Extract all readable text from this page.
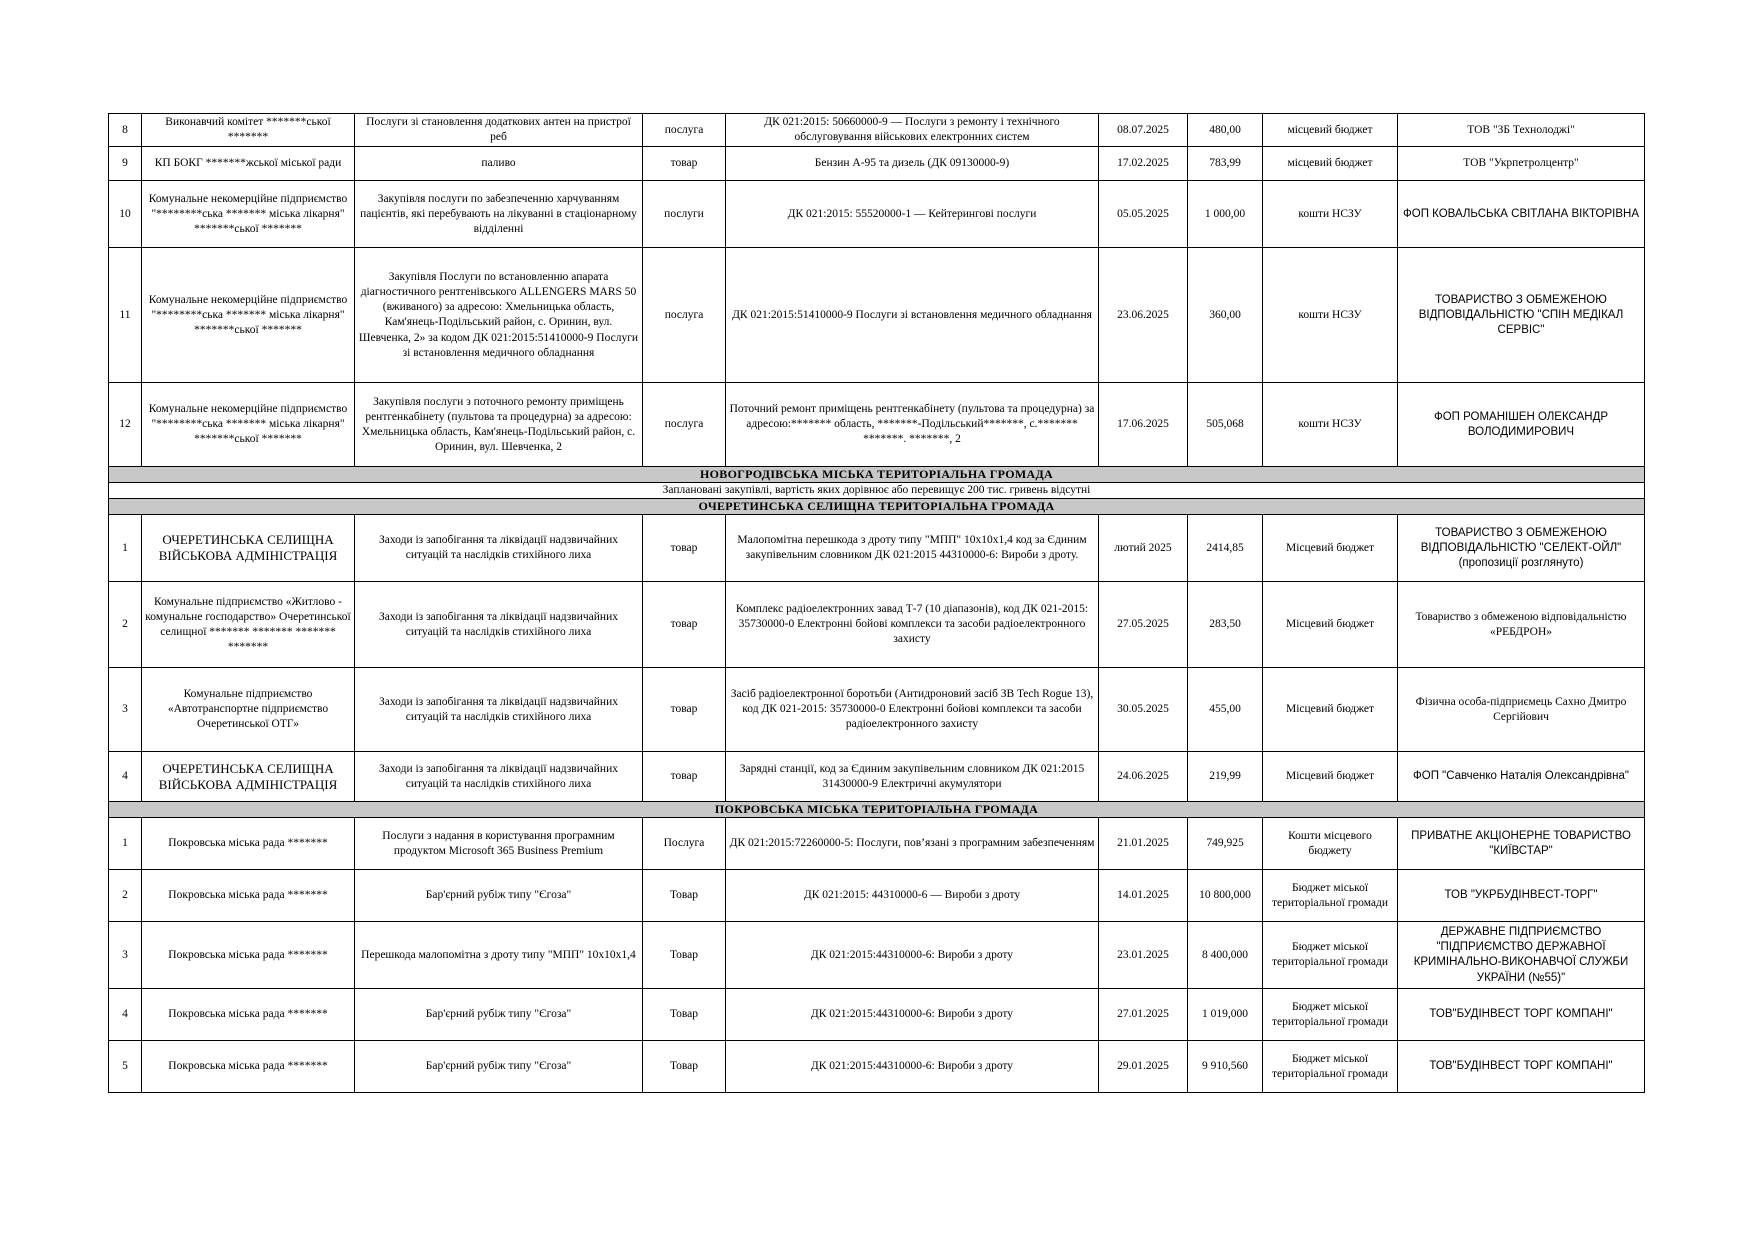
8	Виконавчий комітет *******ської *******	Послуги зі становлення додаткових антен на пристрої реб	послуга	ДК 021:2015: 50660000-9 — Послуги з ремонту і технічного обслуговування військових електронних систем	08.07.2025	480,00	місцевий бюджет	ТОВ "ЗБ Технолоджі"
9	КП БОКГ *******жської міської ради	паливо	товар	Бензин А-95 та дизель (ДК 09130000-9)	17.02.2025	783,99	місцевий бюджет	ТОВ "Укрпетролцентр"
10	Комунальне некомерційне підприємство "********ська ******* міська лікарня" *******ської *******	Закупівля послуги по забезпеченню харчуванням пацієнтів, які перебувають на лікуванні в стаціонарному відділенні	послуги	ДК 021:2015: 55520000-1 — Кейтерингові послуги	05.05.2025	1 000,00	кошти НСЗУ	ФОП КОВАЛЬСЬКА СВІТЛАНА ВІКТОРІВНА
11	Комунальне некомерційне підприємство "********ська ******* міська лікарня" *******ської *******	Закупівля Послуги по встановленню апарата діагностичного рентгенівського ALLENGERS MARS 50 (вживаного) за адресою: Хмельницька область, Кам'янець-Подільський район, с. Оринин, вул. Шевченка, 2» за кодом ДК 021:2015:51410000-9 Послуги зі встановлення медичного обладнання	послуга	ДК 021:2015:51410000-9 Послуги зі встановлення медичного обладнання	23.06.2025	360,00	кошти НСЗУ	ТОВАРИСТВО З ОБМЕЖЕНОЮ ВІДПОВІДАЛЬНІСТЮ "СПІН МЕДІКАЛ СЕРВІС"
12	Комунальне некомерційне підприємство "********ська ******* міська лікарня" *******ської *******	Закупівля послуги з поточного ремонту приміщень рентгенкабінету (пультова та процедурна) за адресою: Хмельницька область, Кам'янець-Подільський район, с. Оринин, вул. Шевченка, 2	послуга	Поточний ремонт приміщень рентгенкабінету (пультова та процедурна) за адресою:******* область, *******-Подільський*******, с.******* *******. *******, 2	17.06.2025	505,068	кошти НСЗУ	ФОП РОМАНІШЕН ОЛЕКСАНДР ВОЛОДИМИРОВИЧ
НОВОГРОДІВСЬКА МІСЬКА ТЕРИТОРІАЛЬНА ГРОМАДА								
Заплановані закупівлі, вартість яких дорівнює або перевищує 200 тис. гривень відсутні								
ОЧЕРЕТИНСЬКА СЕЛИЩНА ТЕРИТОРІАЛЬНА ГРОМАДА								
1	ОЧЕРЕТИНСЬКА СЕЛИЩНА ВІЙСЬКОВА АДМІНІСТРАЦІЯ	Заходи із запобігання та ліквідації надзвичайних ситуацій та наслідків стихійного лиха	товар	Малопомітна перешкода з дроту типу "МПП" 10x10x1,4 код за Єдиним закупівельним словником ДК 021:2015 44310000-6: Вироби з дроту.	лютий 2025	2414,85	Місцевий бюджет	ТОВАРИСТВО З ОБМЕЖЕНОЮ ВІДПОВІДАЛЬНІСТЮ "СЕЛЕКТ-ОЙЛ" (пропозиції розглянуто)
2	Комунальне підприємство «Житлово - комунальне господарство» Очеретинської селищної ******* ******* ******* *******	Заходи із запобігання та ліквідації надзвичайних ситуацій та наслідків стихійного лиха	товар	Комплекс радіоелектронних завад Т-7 (10 діапазонів), код ДК 021-2015: 35730000-0 Електронні бойові комплекси та засоби радіоелектронного захисту	27.05.2025	283,50	Місцевий бюджет	Товариство з обмеженою відповідальністю «РЕБДРОН»
3	Комунальне підприємство «Автотранспортне підприємство Очеретинської ОТГ»	Заходи із запобігання та ліквідації надзвичайних ситуацій та наслідків стихійного лиха	товар	Засіб радіоелектронної боротьби (Антидроновий засіб ЗВ Tech Rogue 13), код ДК 021-2015: 35730000-0 Електронні бойові комплекси та засоби радіоелектронного захисту	30.05.2025	455,00	Місцевий бюджет	Фізична особа-підприємець Сахно Дмитро Сергійович
4	ОЧЕРЕТИНСЬКА СЕЛИЩНА ВІЙСЬКОВА АДМІНІСТРАЦІЯ	Заходи із запобігання та ліквідації надзвичайних ситуацій та наслідків стихійного лиха	товар	Зарядні станції, код за Єдиним закупівельним словником ДК 021:2015 31430000-9 Електричні акумулятори	24.06.2025	219,99	Місцевий бюджет	ФОП "Савченко Наталія Олександрівна"
ПОКРОВСЬКА МІСЬКА ТЕРИТОРІАЛЬНА ГРОМАДА								
1	Покровська міська рада *******	Послуги з надання в користування програмним продуктом Microsoft 365 Business Premium	Послуга	ДК 021:2015:72260000-5: Послуги, пов’язані з програмним забезпеченням	21.01.2025	749,925	Кошти місцевого бюджету	ПРИВАТНЕ АКЦІОНЕРНЕ ТОВАРИСТВО "КИЇВСТАР"
2	Покровська міська рада *******	Бар'єрний рубіж типу "Єгоза"	Товар	ДК 021:2015: 44310000-6 — Вироби з дроту	14.01.2025	10 800,000	Бюджет міської територіальної громади	ТОВ "УКРБУДІНВЕСТ-ТОРГ"
3	Покровська міська рада *******	Перешкода малопомітна з дроту типу "МПП" 10x10x1,4	Товар	ДК 021:2015:44310000-6: Вироби з дроту	23.01.2025	8 400,000	Бюджет міської територіальної громади	ДЕРЖАВНЕ ПІДПРИЄМСТВО "ПІДПРИЄМСТВО ДЕРЖАВНОЇ КРИМІНАЛЬНО-ВИКОНАВЧОЇ СЛУЖБИ УКРАЇНИ (№55)"
4	Покровська міська рада *******	Бар'єрний рубіж типу "Єгоза"	Товар	ДК 021:2015:44310000-6: Вироби з дроту	27.01.2025	1 019,000	Бюджет міської територіальної громади	ТОВ"БУДІНВЕСТ ТОРГ КОМПАНІ"
5	Покровська міська рада *******	Бар'єрний рубіж типу "Єгоза"	Товар	ДК 021:2015:44310000-6: Вироби з дроту	29.01.2025	9 910,560	Бюджет міської територіальної громади	ТОВ"БУДІНВЕСТ ТОРГ КОМПАНІ"
